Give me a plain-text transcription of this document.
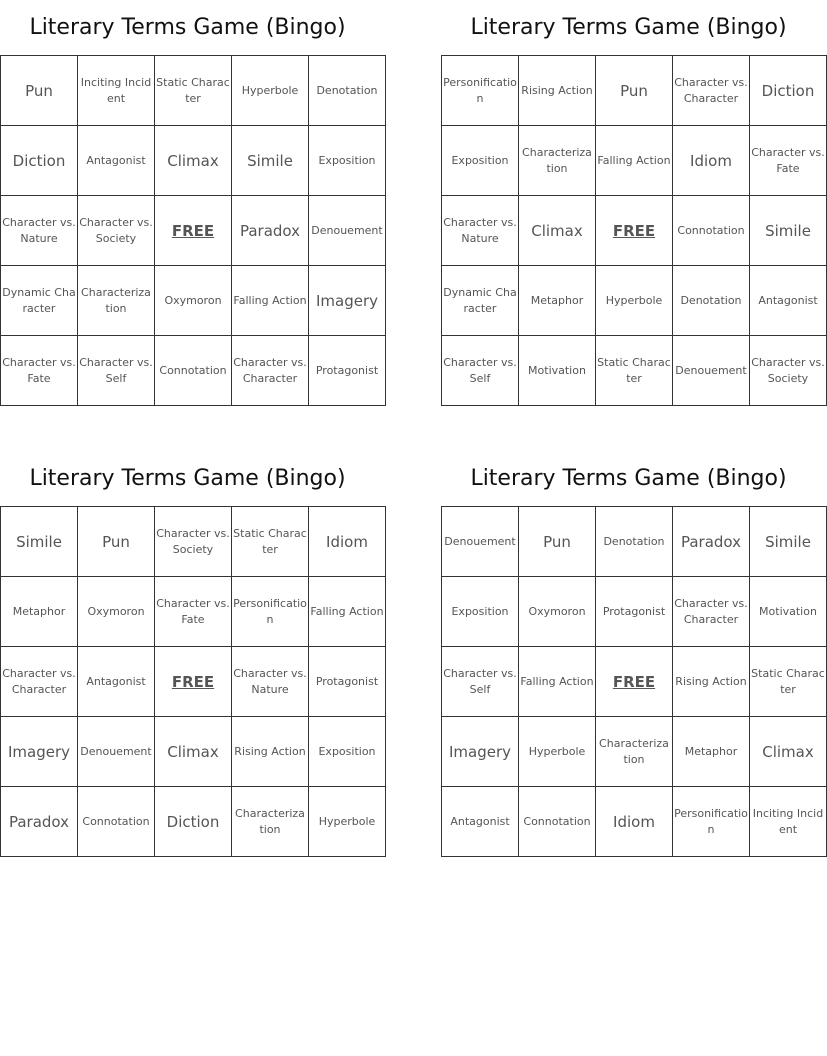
Literary Terms Game (Bingo)
Pun	Inciting Incident	Static Character	Hyperbole	Denotation
Diction	Antagonist	Climax	Simile	Exposition
Character vs. Nature	Character vs. Society	FREE	Paradox	Denouement
Dynamic Character	Characterization	Oxymoron	Falling Action	Imagery
Character vs. Fate	Character vs. Self	Connotation	Character vs. Character	Protagonist
Literary Terms Game (Bingo)
Personification	Rising Action	Pun	Character vs. Character	Diction
Exposition	Characterization	Falling Action	Idiom	Character vs. Fate
Character vs. Nature	Climax	FREE	Connotation	Simile
Dynamic Character	Metaphor	Hyperbole	Denotation	Antagonist
Character vs. Self	Motivation	Static Character	Denouement	Character vs. Society
Literary Terms Game (Bingo)
Simile	Pun	Character vs. Society	Static Character	Idiom
Metaphor	Oxymoron	Character vs. Fate	Personification	Falling Action
Character vs. Character	Antagonist	FREE	Character vs. Nature	Protagonist
Imagery	Denouement	Climax	Rising Action	Exposition
Paradox	Connotation	Diction	Characterization	Hyperbole
Literary Terms Game (Bingo)
Denouement	Pun	Denotation	Paradox	Simile
Exposition	Oxymoron	Protagonist	Character vs. Character	Motivation
Character vs. Self	Falling Action	FREE	Rising Action	Static Character
Imagery	Hyperbole	Characterization	Metaphor	Climax
Antagonist	Connotation	Idiom	Personification	Inciting Incident
